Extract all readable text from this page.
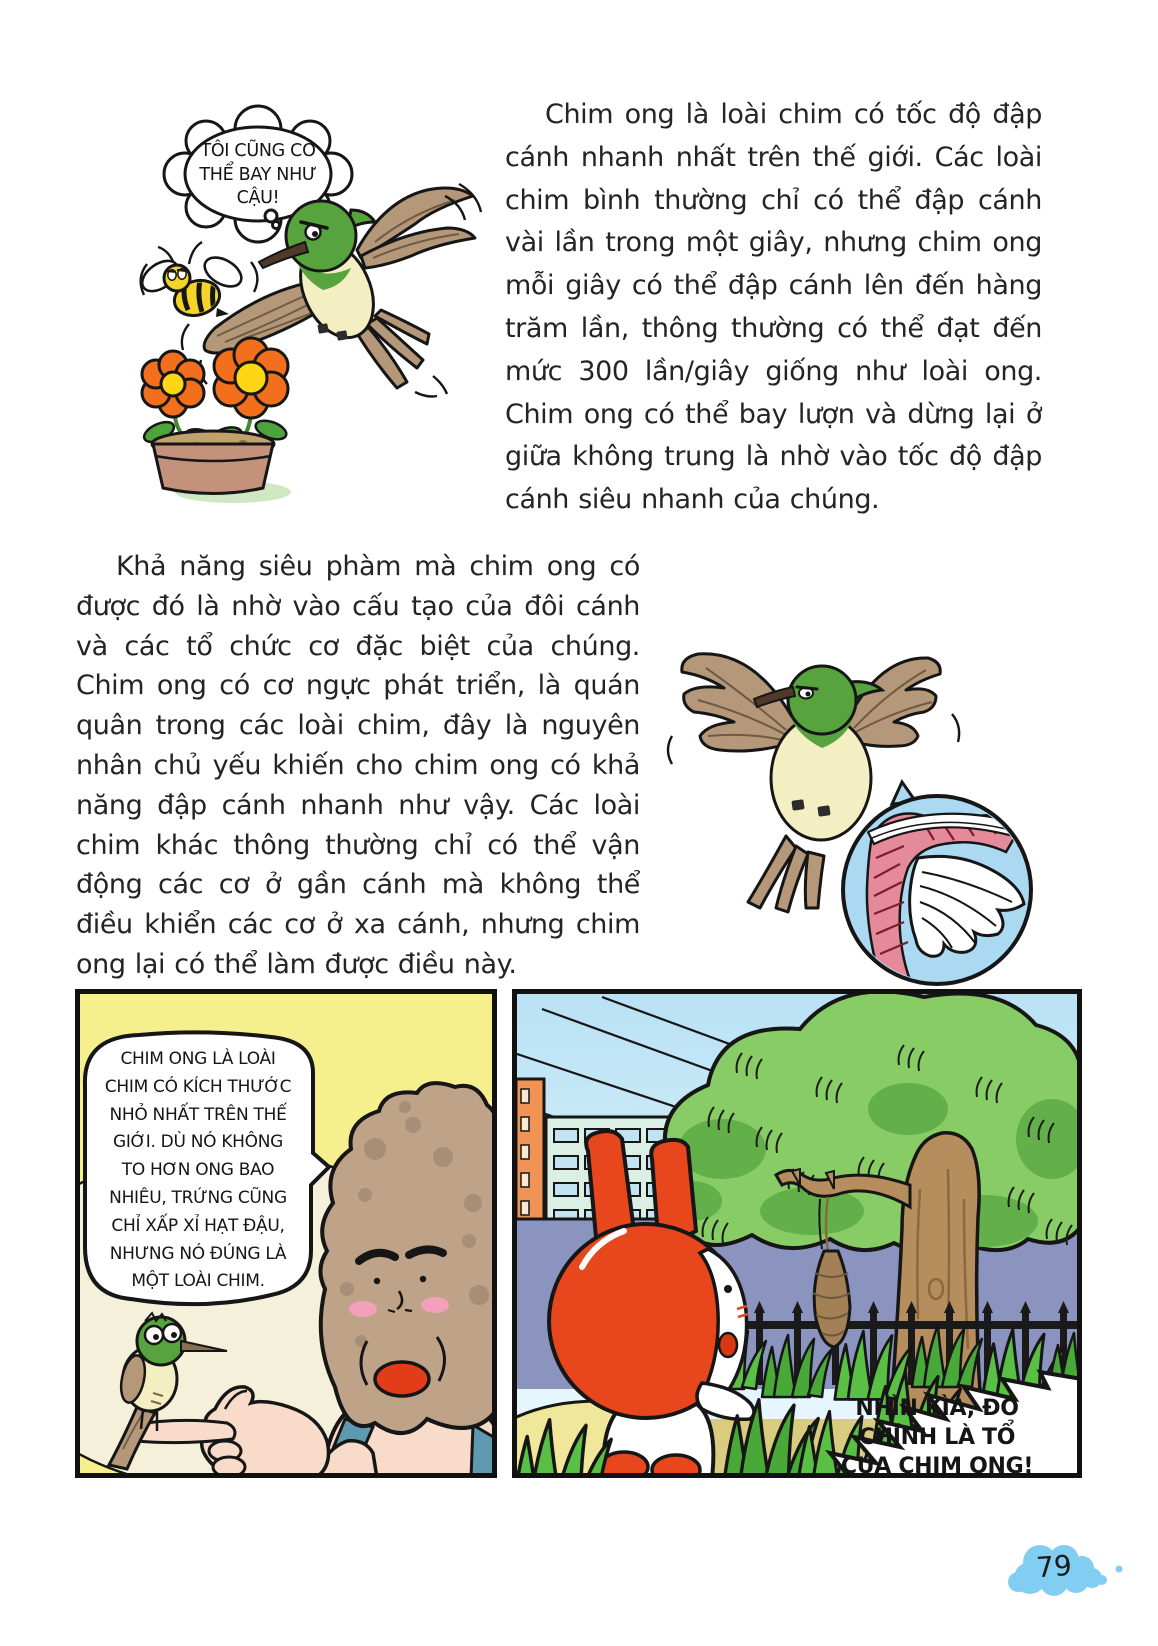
TÔI CŨNG CÓ
THỂ BAY NHƯ
CẬU!
Chim ong là loài chim có tốc độ đập cánh nhanh nhất trên thế giới. Các loài chim bình thường chỉ có thể đập cánh vài lần trong một giây, nhưng chim ong mỗi giây có thể đập cánh lên đến hàng trăm lần, thông thường có thể đạt đến mức 300 lần/giây giống như loài ong. Chim ong có thể bay lượn và dừng lại ở giữa không trung là nhờ vào tốc độ đập cánh siêu nhanh của chúng.
Khả năng siêu phàm mà chim ong có được đó là nhờ vào cấu tạo của đôi cánh và các tổ chức cơ đặc biệt của chúng. Chim ong có cơ ngực phát triển, là quán quân trong các loài chim, đây là nguyên nhân chủ yếu khiến cho chim ong có khả năng đập cánh nhanh như vậy. Các loài chim khác thông thường chỉ có thể vận động các cơ ở gần cánh mà không thể điều khiển các cơ ở xa cánh, nhưng chim ong lại có thể làm được điều này.
CHIM ONG LÀ LOÀI
CHIM CÓ KÍCH THƯỚC
NHỎ NHẤT TRÊN THẾ
GIỚI. DÙ NÓ KHÔNG
TO HƠN ONG BAO
NHIÊU, TRỨNG CŨNG
CHỈ XẤP XỈ HẠT ĐẬU,
NHƯNG NÓ ĐÚNG LÀ
MỘT LOÀI CHIM.
NHÌN KÌA, ĐÓ
CHÍNH LÀ TỔ
CỦA CHIM ONG!
79
